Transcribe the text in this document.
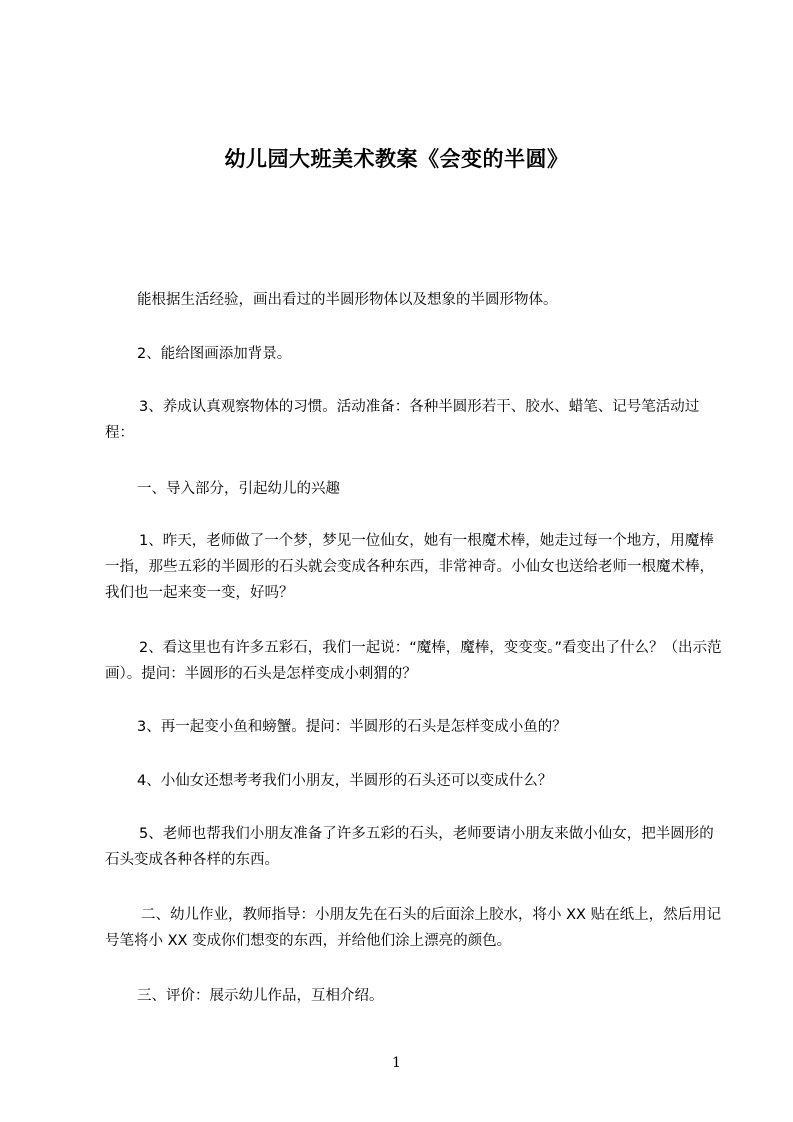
幼儿园大班美术教案《会变的半圆》
能根据生活经验，画出看过的半圆形物体以及想象的半圆形物体。
2、能给图画添加背景。
3、养成认真观察物体的习惯。活动准备：各种半圆形若干、胶水、蜡笔、记号笔活动过程：
一、导入部分，引起幼儿的兴趣
1、昨天，老师做了一个梦，梦见一位仙女，她有一根魔术棒，她走过每一个地方，用魔棒一指，那些五彩的半圆形的石头就会变成各种东西，非常神奇。小仙女也送给老师一根魔术棒，我们也一起来变一变，好吗？
2、看这里也有许多五彩石，我们一起说：“魔棒，魔棒，变变变。”看变出了什么？（出示范画）。提问：半圆形的石头是怎样变成小刺猬的？
3、再一起变小鱼和螃蟹。提问：半圆形的石头是怎样变成小鱼的？
4、小仙女还想考考我们小朋友，半圆形的石头还可以变成什么？
5、老师也帮我们小朋友准备了许多五彩的石头，老师要请小朋友来做小仙女，把半圆形的石头变成各种各样的东西。
二、幼儿作业，教师指导：小朋友先在石头的后面涂上胶水，将小 XX 贴在纸上，然后用记号笔将小 XX 变成你们想变的东西，并给他们涂上漂亮的颜色。
三、评价：展示幼儿作品，互相介绍。
1
